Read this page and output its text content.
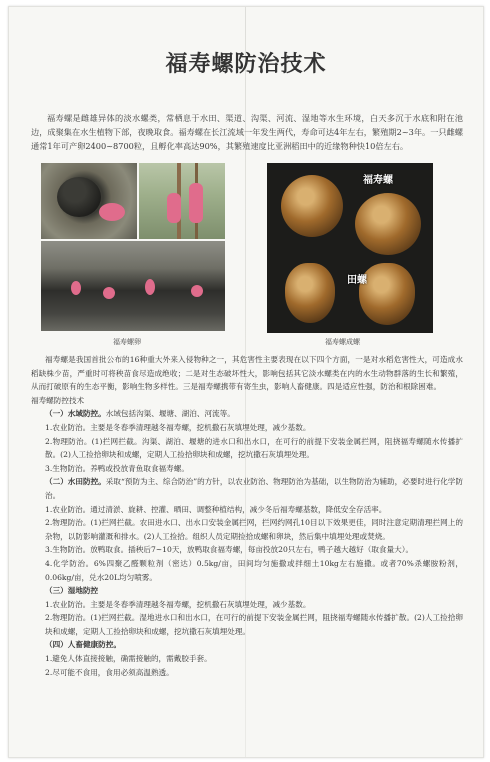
福寿螺防治技术

福寿螺是雌雄异体的淡水螺类，常栖息于水田、渠道、沟渠、河流、湿地等水生环境，白天多沉于水底和附在池边，成聚集在水生植物下部，夜晚取食。福寿螺在长江流域一年发生两代，寿命可达4年左右，繁殖期2~3年。一只雌螺通常1年可产卵2400~8700粒，且孵化率高达90%，其繁殖速度比亚洲稻田中的近缘物种快10倍左右。

福寿螺
田螺
福寿螺卵	福寿螺成螺

福寿螺是我国首批公布的16种重大外来入侵物种之一，其危害性主要表现在以下四个方面，一是对水稻危害性大，可造成水稻缺株少苗，严重时可将秧苗食尽造成绝收；二是对生态破坏性大，影响包括其它淡水螺类在内的水生动物群落的生长和繁殖，从而打破原有的生态平衡，影响生物多样性。三是福寿螺携带有寄生虫，影响人畜健康。四是适应性强，防治和根除困难。

福寿螺防控技术

（一）水域防控。水域包括沟渠、堰塘、湖泊、河流等。

1.农业防治。主要是冬春季清理越冬福寿螺，挖机撒石灰填埋处理，减少基数。

2.物理防治。(1)拦网拦截。沟渠、湖泊、堰塘的进水口和出水口，在可行的前提下安装金属拦网，阻挠福寿螺随水传播扩散。(2)人工捡拾卵块和成螺，定期人工捡拾卵块和成螺，挖坑撒石灰填埋处理。

3.生物防治。养鸭或投放青鱼取食福寿螺。

（二）水田防控。采取“预防为主、综合防治”的方针，以农业防治、物理防治为基础，以生物防治为辅助，必要时进行化学防治。

1.农业防治。通过清淤、旋耕、控灌、晒田、调整种植结构，减少冬后福寿螺基数，降低安全存活率。

2.物理防治。(1)拦网拦截。农田进水口、出水口安装金属拦网，拦网约网孔10目以下效果更佳，同时注意定期清理拦网上的杂物，以防影响灌溉和排水。(2)人工捡拾。组织人员定期捡拾成螺和卵块，然后集中填埋处理或焚烧。

3.生物防治。放鸭取食。插秧后7~10天，放鸭取食福寿螺，每亩投放20只左右，鸭子越大越好（取食量大）。

4.化学防治。6%四聚乙醛颗粒剂（密达）0.5kg/亩，田间均匀施撒或拌细土10kg左右施撒。或者70%杀螺胺粉剂，0.06kg/亩，兑水20L均匀喷雾。

（三）湿地防控

1.农业防治。主要是冬春季清理越冬福寿螺，挖机撒石灰填埋处理，减少基数。

2.物理防治。(1)拦网拦截。湿地进水口和出水口，在可行的前提下安装金属拦网，阻挠福寿螺随水传播扩散。(2)人工捡拾卵块和成螺，定期人工捡拾卵块和成螺，挖坑撒石灰填埋处理。

（四）人畜健康防控。

1.避免人体直接接触，确需接触的，需戴胶手套。

2.尽可能不食用，食用必须高温熟透。
